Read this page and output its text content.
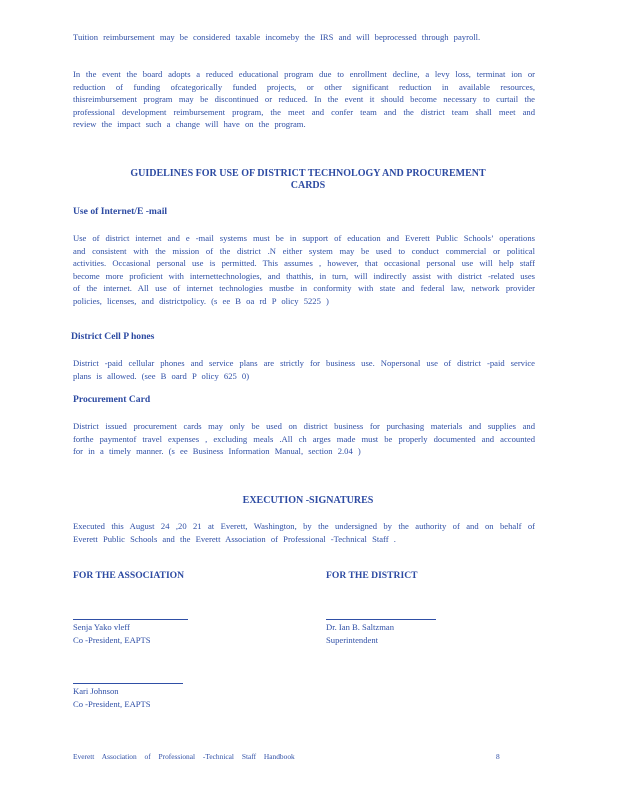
Tuition reimbursement may be considered taxable incomeby the IRS and will beprocessed through payroll.

In the event the board adopts a reduced educational program due to enrollment decline, a levy loss, terminat ion or reduction of funding ofcategorically funded projects, or other significant reduction in available resources, thisreimbursement program may be discontinued or reduced. In the event it should become necessary to curtail the professional development reimbursement program, the meet and confer team and the district team shall meet and review the impact such a change will have on the program.

GUIDELINES FOR USE OF DISTRICT TECHNOLOGY AND PROCUREMENT
CARDS
Use of Internet/E -mail

Use of district internet and e -mail systems must be in support of education and Everett Public Schools’ operations and consistent with the mission of the district .N either system may be used to conduct commercial or political activities. Occasional personal use is permitted. This assumes , however, that occasional personal use will help staff become more proficient with internettechnologies, and thatthis, in turn, will indirectly assist with district -related uses of the internet. All use of internet technologies mustbe in conformity with state and federal law, network provider policies, licenses, and districtpolicy. (s ee B oa rd P olicy 5225 )

District Cell P hones

District -paid cellular phones and service plans are strictly for business use. Nopersonal use of district -paid service plans is allowed. (see B oard P olicy 625 0)

Procurement Card

District issued procurement cards may only be used on district business for purchasing materials and supplies and forthe paymentof travel expenses , excluding meals .All ch arges made must be properly documented and accounted for in a timely manner. (s ee Business Information Manual, section 2.04 )

EXECUTION -SIGNATURES

Executed this August 24 ,20 21 at Everett, Washington, by the undersigned by the authority of and on behalf of Everett Public Schools and the Everett Association of Professional -Technical Staff .

FOR THE ASSOCIATION	FOR THE DISTRICT
Senja Yako vleff
Co -President, EAPTS
Dr. Ian B. Saltzman
Superintendent
Kari Johnson
Co -President, EAPTS
Everett Association of Professional -Technical Staff Handbook	8
